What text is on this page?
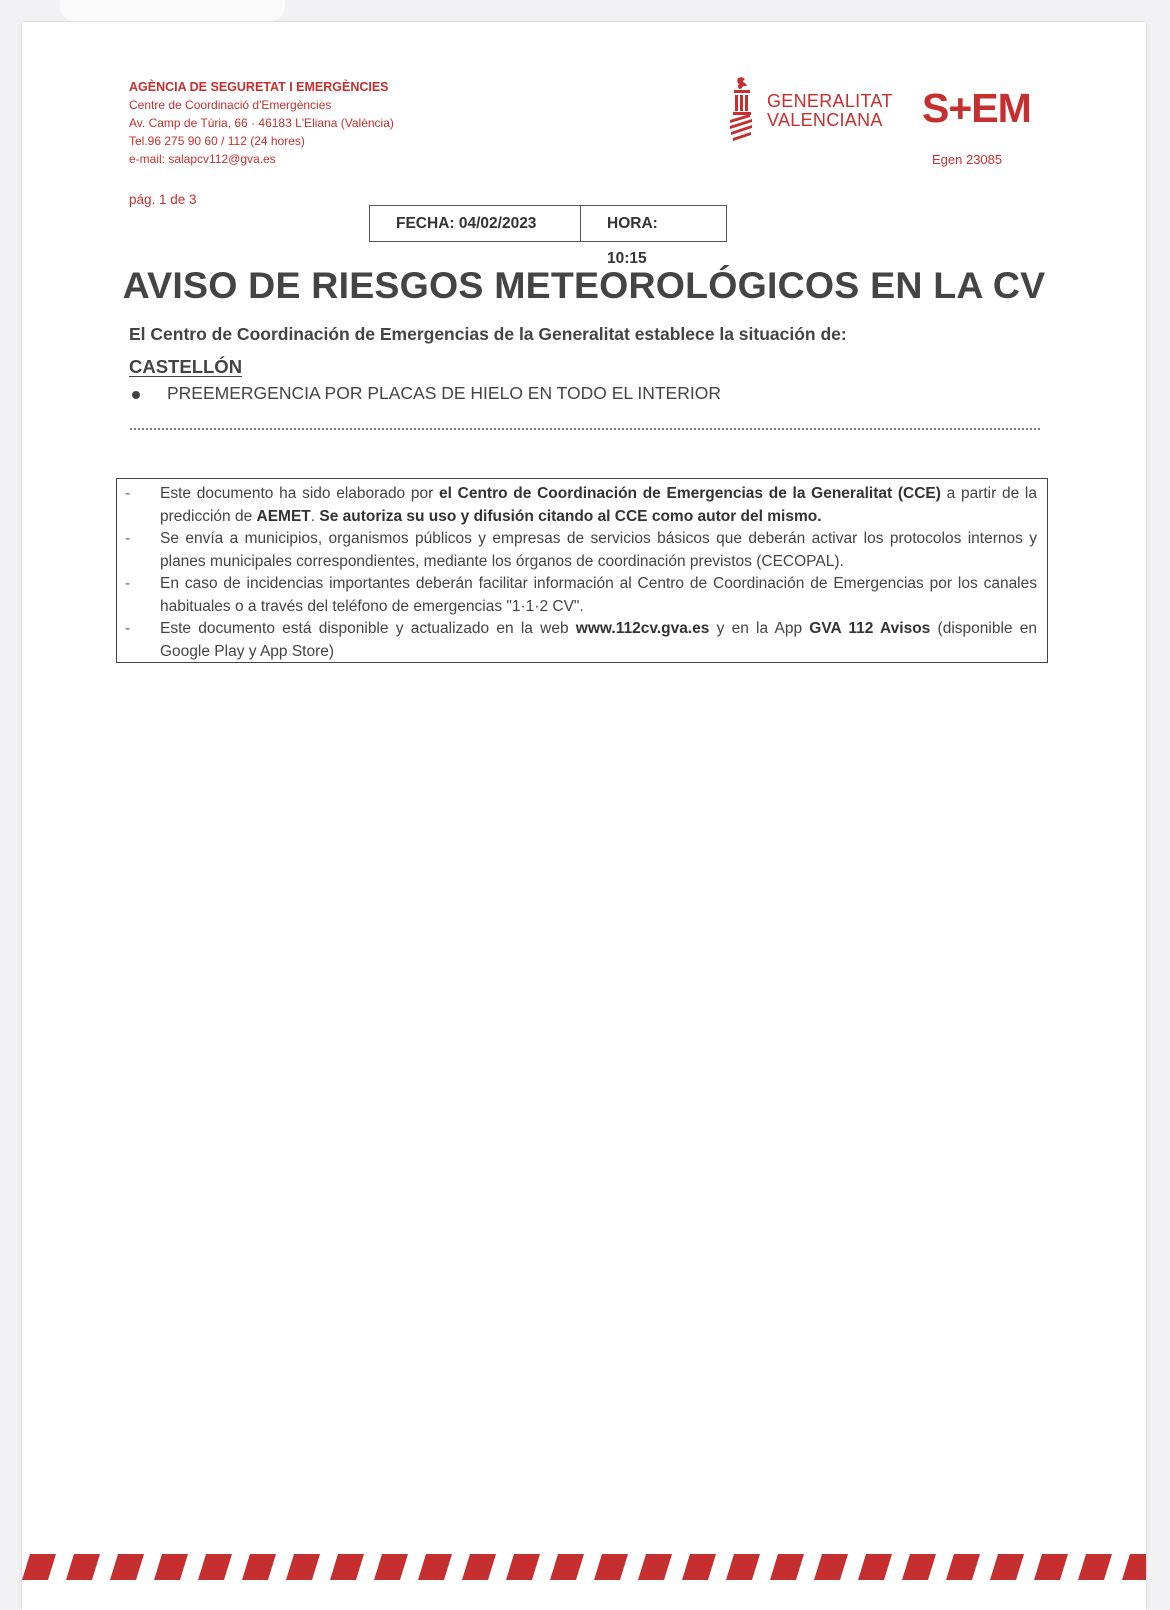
AGÈNCIA DE SEGURETAT I EMERGÈNCIES
Centre de Coordinació d'Emergències
Av. Camp de Túria, 66 · 46183 L'Eliana (València)
Tel.96 275 90 60 / 112 (24 hores)
e-mail: salapcv112@gva.es
pág. 1 de 3
GENERALITAT
VALENCIANA S+EM
Egen 23085
FECHA: 04/02/2023	HORA: 10:15
AVISO DE RIESGOS METEOROLÓGICOS EN LA CV
El Centro de Coordinación de Emergencias de la Generalitat establece la situación de:
CASTELLÓN
PREEMERGENCIA POR PLACAS DE HIELO EN TODO EL INTERIOR
-	Este documento ha sido elaborado por el Centro de Coordinación de Emergencias de la Generalitat (CCE) a partir de la predicción de AEMET. Se autoriza su uso y difusión citando al CCE como autor del mismo.
-	Se envía a municipios, organismos públicos y empresas de servicios básicos que deberán activar los protocolos internos y planes municipales correspondientes, mediante los órganos de coordinación previstos (CECOPAL).
-	En caso de incidencias importantes deberán facilitar información al Centro de Coordinación de Emergencias por los canales habituales o a través del teléfono de emergencias "1·1·2 CV".
-	Este documento está disponible y actualizado en la web www.112cv.gva.es y en la App GVA 112 Avisos (disponible en Google Play y App Store)
